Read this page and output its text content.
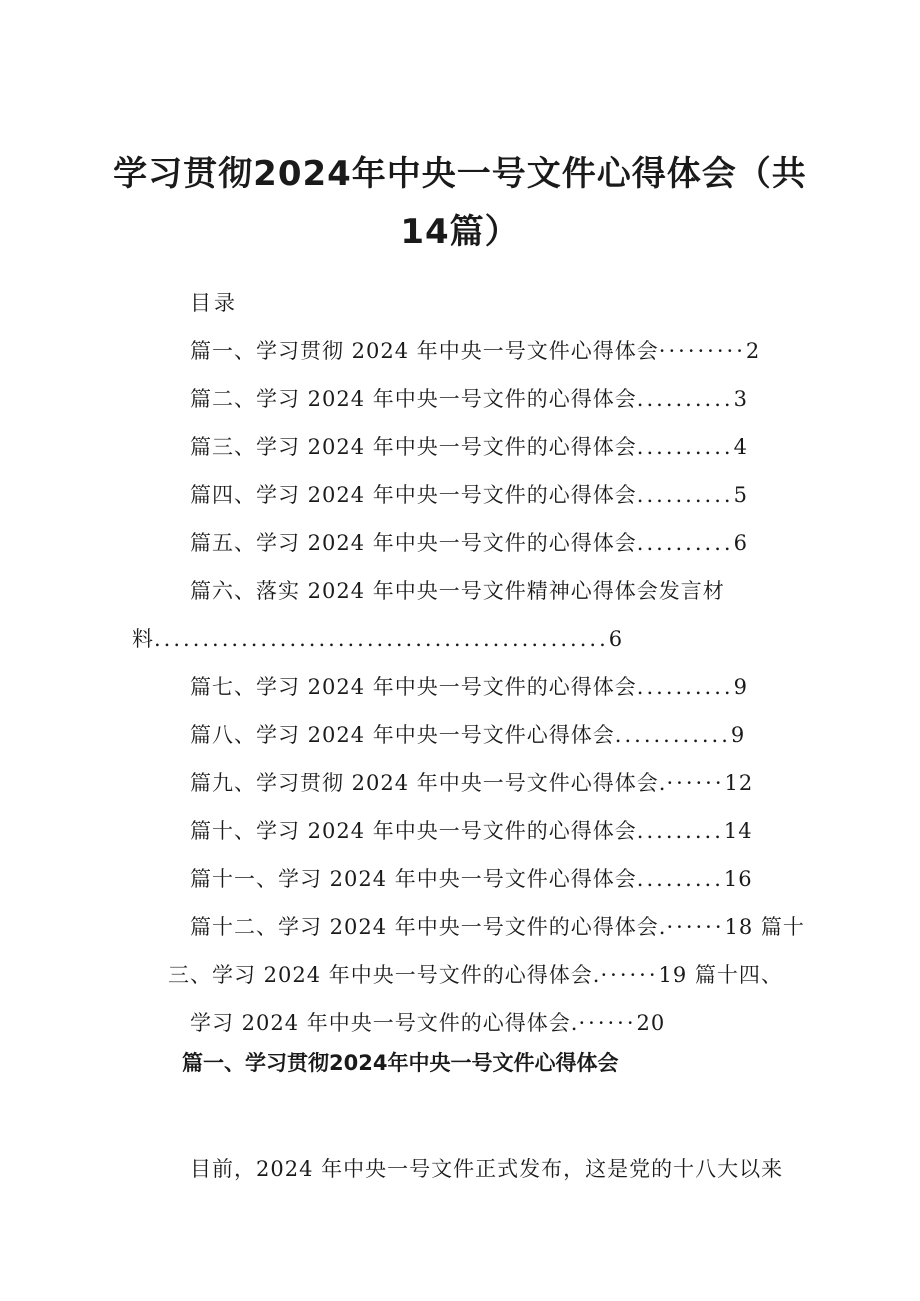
学习贯彻2024年中央一号文件心得体会（共
14篇）
目录
篇一、学习贯彻 2024 年中央一号文件心得体会·········2
篇二、学习 2024 年中央一号文件的心得体会..........3
篇三、学习 2024 年中央一号文件的心得体会..........4
篇四、学习 2024 年中央一号文件的心得体会..........5
篇五、学习 2024 年中央一号文件的心得体会..........6
篇六、落实 2024 年中央一号文件精神心得体会发言材
料...............................................6
篇七、学习 2024 年中央一号文件的心得体会..........9
篇八、学习 2024 年中央一号文件心得体会............9
篇九、学习贯彻 2024 年中央一号文件心得体会.······12
篇十、学习 2024 年中央一号文件的心得体会.........14
篇十一、学习 2024 年中央一号文件心得体会.........16
篇十二、学习 2024 年中央一号文件的心得体会.······18 篇十
三、学习 2024 年中央一号文件的心得体会.······19 篇十四、
学习 2024 年中央一号文件的心得体会.······20
篇一、学习贯彻2024年中央一号文件心得体会
目前，2024 年中央一号文件正式发布，这是党的十八大以来
